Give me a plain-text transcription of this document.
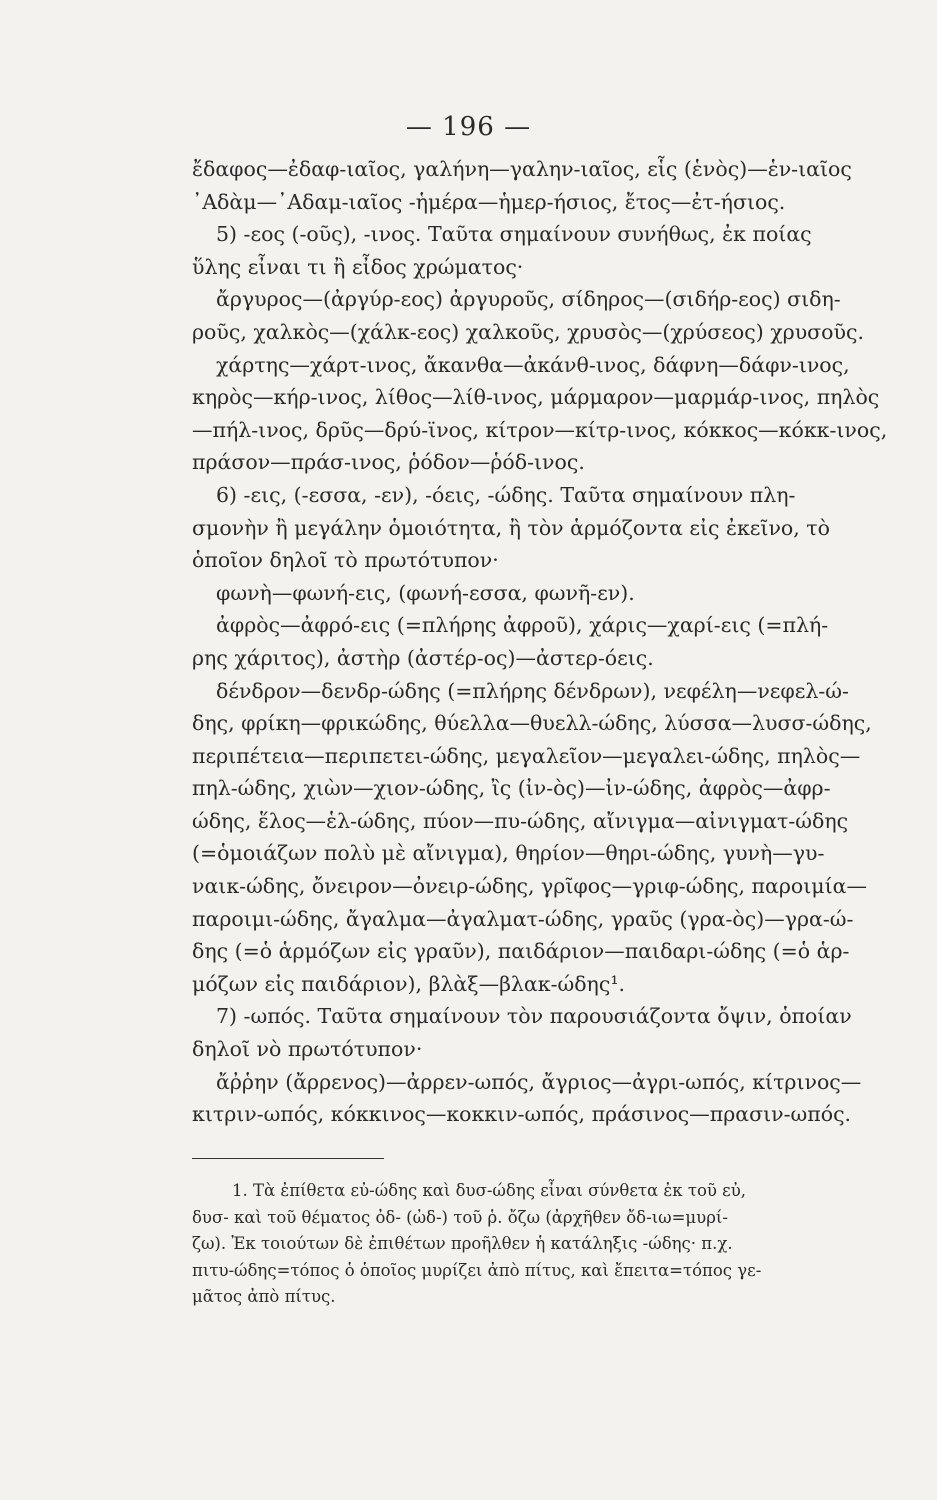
— 196 —
ἔδαφος—ἐδαφ-ιαῖος, γαλήνη—γαλην-ιαῖος, εἷς (ἑνὸς)—ἑν-ιαῖος
᾿Αδὰμ—᾿Αδαμ-ιαῖος -ἡμέρα—ἡμερ-ήσιος, ἔτος—ἐτ-ήσιος.
5) -εος (-οῦς), -ινος. Ταῦτα σημαίνουν συνήθως, ἐκ ποίας
ὕλης εἶναι τι ἢ εἶδος χρώματος·
ἄργυρος—(ἀργύρ-εος) ἀργυροῦς, σίδηρος—(σιδήρ-εος) σιδη-
ροῦς, χαλκὸς—(χάλκ-εος) χαλκοῦς, χρυσὸς—(χρύσεος) χρυσοῦς.
χάρτης—χάρτ-ινος, ἄκανθα—ἀκάνθ-ινος, δάφνη—δάφν-ινος,
κηρὸς—κήρ-ινος, λίθος—λίθ-ινος, μάρμαρον—μαρμάρ-ινος, πηλὸς
—πήλ-ινος, δρῦς—δρύ-ϊνος, κίτρον—κίτρ-ινος, κόκκος—κόκκ-ινος,
πράσον—πράσ-ινος, ῥόδον—ῥόδ-ινος.
6) -εις, (-εσσα, -εν), -όεις, -ώδης. Ταῦτα σημαίνουν πλη-
σμονὴν ἢ μεγάλην ὁμοιότητα, ἢ τὸν ἁρμόζοντα εἰς ἐκεῖνο, τὸ
ὁποῖον δηλοῖ τὸ πρωτότυπον·
φωνὴ—φωνή-εις, (φωνή-εσσα, φωνῆ-εν).
ἀφρὸς—ἀφρό-εις (=πλήρης ἀφροῦ), χάρις—χαρί-εις (=πλή-
ρης χάριτος), ἀστὴρ (ἀστέρ-ος)—ἀστερ-όεις.
δένδρον—δενδρ-ώδης (=πλήρης δένδρων), νεφέλη—νεφελ-ώ-
δης, φρίκη—φρικώδης, θύελλα—θυελλ-ώδης, λύσσα—λυσσ-ώδης,
περιπέτεια—περιπετει-ώδης, μεγαλεῖον—μεγαλει-ώδης, πηλὸς—
πηλ-ώδης, χιὼν—χιον-ώδης, ἲς (ἰν-ὸς)—ἰν-ώδης, ἀφρὸς—ἀφρ-
ώδης, ἕλος—ἑλ-ώδης, πύον—πυ-ώδης, αἴνιγμα—αἰνιγματ-ώδης
(=ὁμοιάζων πολὺ μὲ αἴνιγμα), θηρίον—θηρι-ώδης, γυνὴ—γυ-
ναικ-ώδης, ὄνειρον—ὀνειρ-ώδης, γρῖφος—γριφ-ώδης, παροιμία—
παροιμι-ώδης, ἄγαλμα—ἀγαλματ-ώδης, γραῦς (γρα-ὸς)—γρα-ώ-
δης (=ὁ ἁρμόζων εἰς γραῦν), παιδάριον—παιδαρι-ώδης (=ὁ ἁρ-
μόζων εἰς παιδάριον), βλὰξ—βλακ-ώδης¹.
7) -ωπός. Ταῦτα σημαίνουν τὸν παρουσιάζοντα ὄψιν, ὁποίαν
δηλοῖ νὸ πρωτότυπον·
ἄῤῥην (ἄρρενος)—ἀρρεν-ωπός, ἄγριος—ἀγρι-ωπός, κίτρινος—
κιτριν-ωπός, κόκκινος—κοκκιν-ωπός, πράσινος—πρασιν-ωπός.
1. Τὰ ἐπίθετα εὐ-ώδης καὶ δυσ-ώδης εἶναι σύνθετα ἐκ τοῦ εὐ,
δυσ- καὶ τοῦ θέματος ὀδ- (ὠδ-) τοῦ ῥ. ὄζω (ἀρχῆθεν ὄδ-ιω=μυρί-
ζω). Ἐκ τοιούτων δὲ ἐπιθέτων προῆλθεν ἡ κατάληξις -ώδης· π.χ.
πιτυ-ώδης=τόπος ὁ ὁποῖος μυρίζει ἀπὸ πίτυς, καὶ ἔπειτα=τόπος γε-
μᾶτος ἀπὸ πίτυς.
